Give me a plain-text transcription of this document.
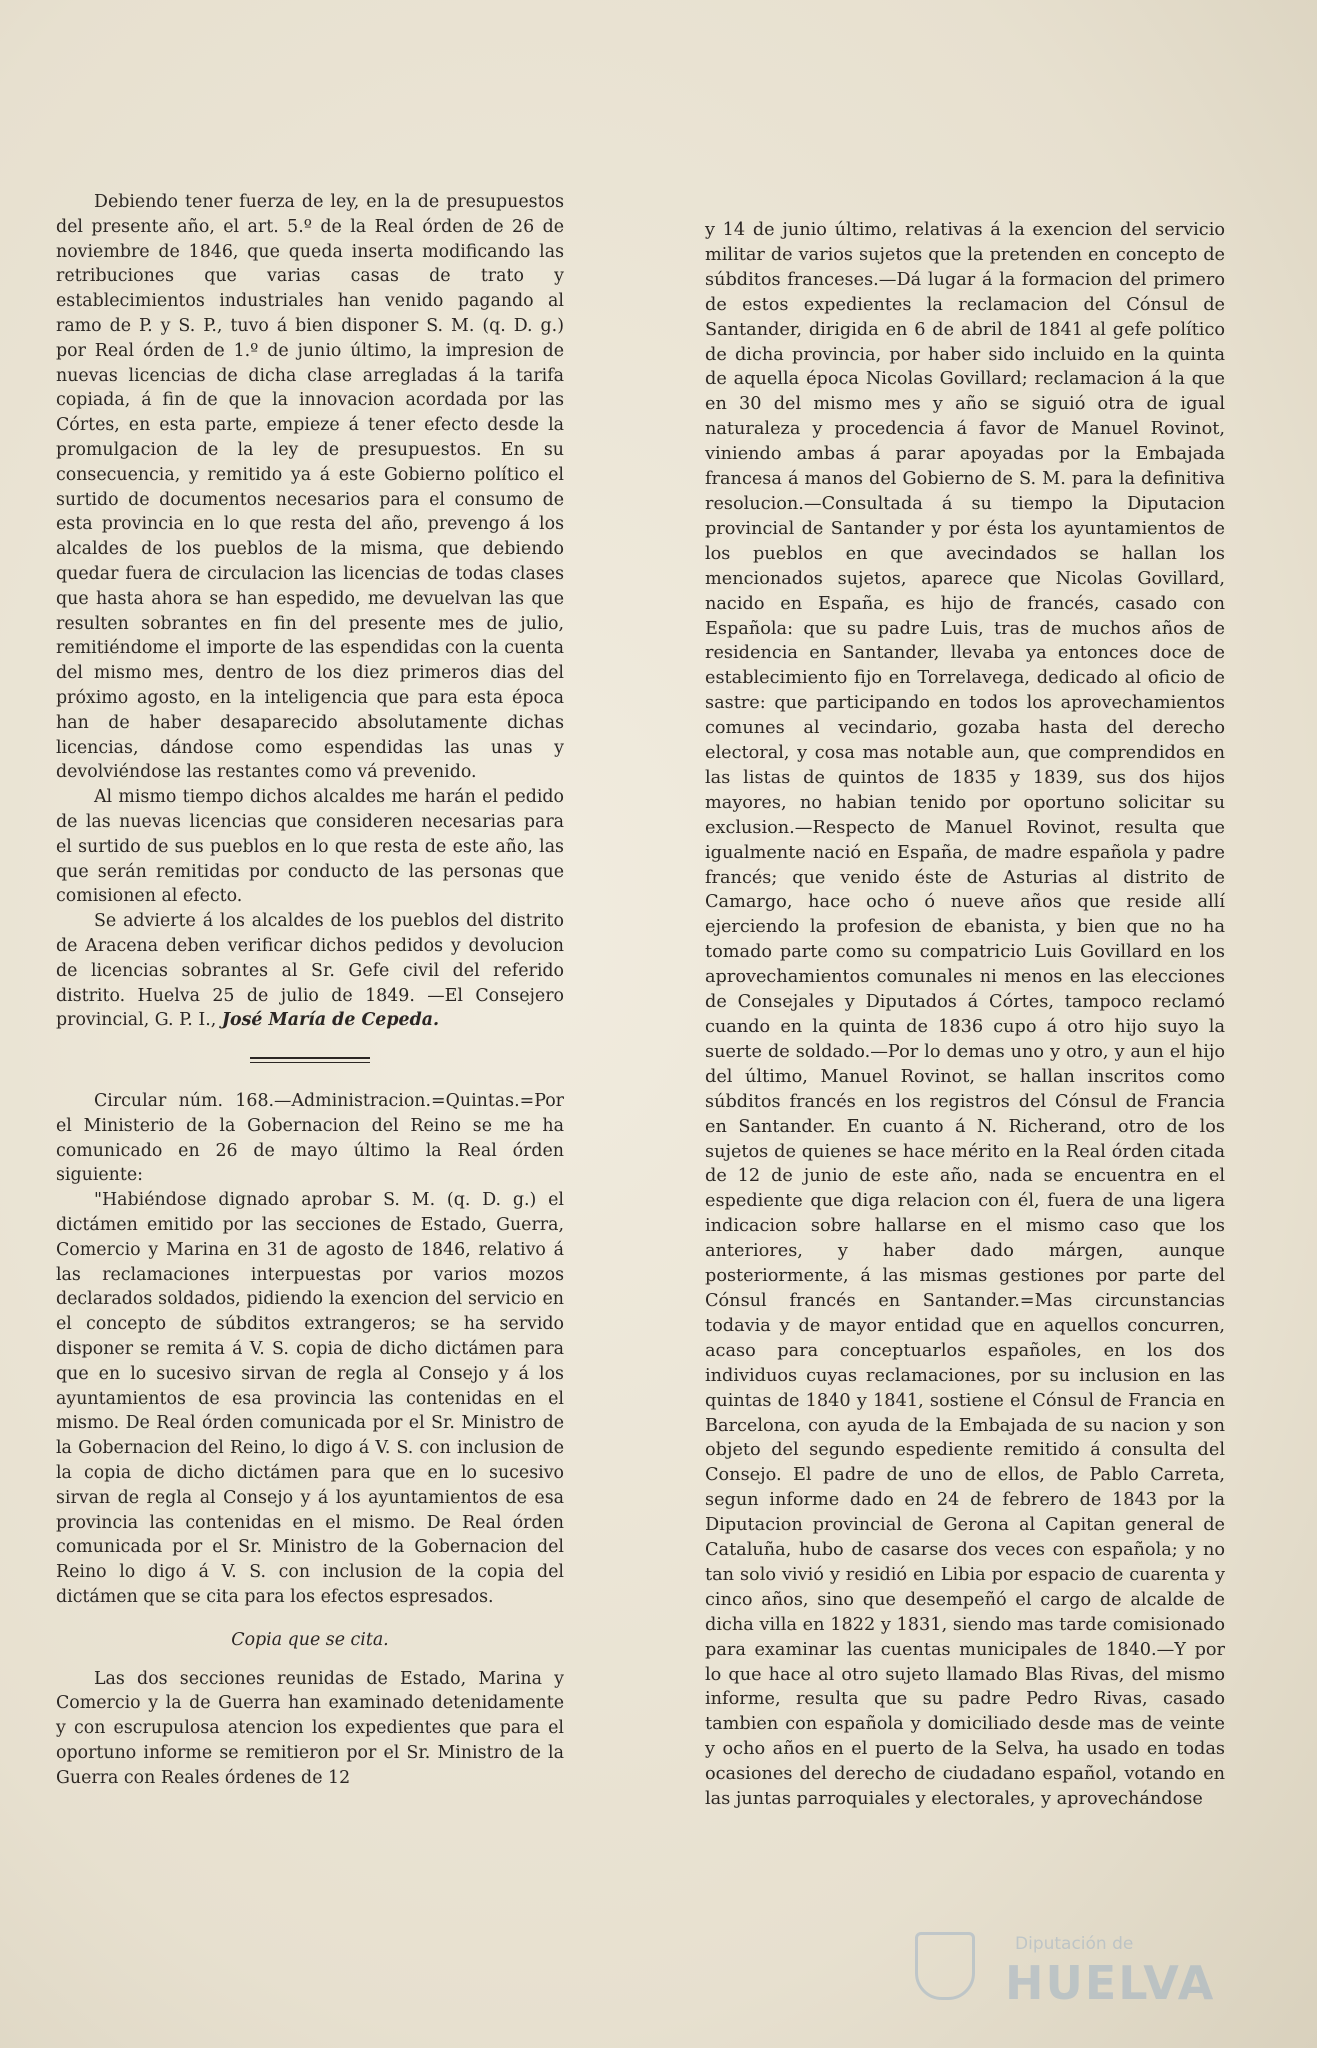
Debiendo tener fuerza de ley, en la de presupuestos del presente año, el art. 5.º de la Real órden de 26 de noviembre de 1846, que queda inserta modificando las retribuciones que varias casas de trato y establecimientos industriales han venido pagando al ramo de P. y S. P., tuvo á bien disponer S. M. (q. D. g.) por Real órden de 1.º de junio último, la impresion de nuevas licencias de dicha clase arregladas á la tarifa copiada, á fin de que la innovacion acordada por las Córtes, en esta parte, empieze á tener efecto desde la promulgacion de la ley de presupuestos. En su consecuencia, y remitido ya á este Gobierno político el surtido de documentos necesarios para el consumo de esta provincia en lo que resta del año, prevengo á los alcaldes de los pueblos de la misma, que debiendo quedar fuera de circulacion las licencias de todas clases que hasta ahora se han espedido, me devuelvan las que resulten sobrantes en fin del presente mes de julio, remitiéndome el importe de las espendidas con la cuenta del mismo mes, dentro de los diez primeros dias del próximo agosto, en la inteligencia que para esta época han de haber desaparecido absolutamente dichas licencias, dándose como espendidas las unas y devolviéndose las restantes como vá prevenido.

Al mismo tiempo dichos alcaldes me harán el pedido de las nuevas licencias que consideren necesarias para el surtido de sus pueblos en lo que resta de este año, las que serán remitidas por conducto de las personas que comisionen al efecto.

Se advierte á los alcaldes de los pueblos del distrito de Aracena deben verificar dichos pedidos y devolucion de licencias sobrantes al Sr. Gefe civil del referido distrito. Huelva 25 de julio de 1849. —El Consejero provincial, G. P. I., José María de Cepeda.

Circular núm. 168.—Administracion.=Quintas.=Por el Ministerio de la Gobernacion del Reino se me ha comunicado en 26 de mayo último la Real órden siguiente:

"Habiéndose dignado aprobar S. M. (q. D. g.) el dictámen emitido por las secciones de Estado, Guerra, Comercio y Marina en 31 de agosto de 1846, relativo á las reclamaciones interpuestas por varios mozos declarados soldados, pidiendo la exencion del servicio en el concepto de súbditos extrangeros; se ha servido disponer se remita á V. S. copia de dicho dictámen para que en lo sucesivo sirvan de regla al Consejo y á los ayuntamientos de esa provincia las contenidas en el mismo. De Real órden comunicada por el Sr. Ministro de la Gobernacion del Reino, lo digo á V. S. con inclusion de la copia de dicho dictámen para que en lo sucesivo sirvan de regla al Consejo y á los ayuntamientos de esa provincia las contenidas en el mismo. De Real órden comunicada por el Sr. Ministro de la Gobernacion del Reino lo digo á V. S. con inclusion de la copia del dictámen que se cita para los efectos espresados.

Copia que se cita.

Las dos secciones reunidas de Estado, Marina y Comercio y la de Guerra han examinado detenidamente y con escrupulosa atencion los expedientes que para el oportuno informe se remitieron por el Sr. Ministro de la Guerra con Reales órdenes de 12

y 14 de junio último, relativas á la exencion del servicio militar de varios sujetos que la pretenden en concepto de súbditos franceses.—Dá lugar á la formacion del primero de estos expedientes la reclamacion del Cónsul de Santander, dirigida en 6 de abril de 1841 al gefe político de dicha provincia, por haber sido incluido en la quinta de aquella época Nicolas Govillard; reclamacion á la que en 30 del mismo mes y año se siguió otra de igual naturaleza y procedencia á favor de Manuel Rovinot, viniendo ambas á parar apoyadas por la Embajada francesa á manos del Gobierno de S. M. para la definitiva resolucion.—Consultada á su tiempo la Diputacion provincial de Santander y por ésta los ayuntamientos de los pueblos en que avecindados se hallan los mencionados sujetos, aparece que Nicolas Govillard, nacido en España, es hijo de francés, casado con Española: que su padre Luis, tras de muchos años de residencia en Santander, llevaba ya entonces doce de establecimiento fijo en Torrelavega, dedicado al oficio de sastre: que participando en todos los aprovechamientos comunes al vecindario, gozaba hasta del derecho electoral, y cosa mas notable aun, que comprendidos en las listas de quintos de 1835 y 1839, sus dos hijos mayores, no habian tenido por oportuno solicitar su exclusion.—Respecto de Manuel Rovinot, resulta que igualmente nació en España, de madre española y padre francés; que venido éste de Asturias al distrito de Camargo, hace ocho ó nueve años que reside allí ejerciendo la profesion de ebanista, y bien que no ha tomado parte como su compatricio Luis Govillard en los aprovechamientos comunales ni menos en las elecciones de Consejales y Diputados á Córtes, tampoco reclamó cuando en la quinta de 1836 cupo á otro hijo suyo la suerte de soldado.—Por lo demas uno y otro, y aun el hijo del último, Manuel Rovinot, se hallan inscritos como súbditos francés en los registros del Cónsul de Francia en Santander. En cuanto á N. Richerand, otro de los sujetos de quienes se hace mérito en la Real órden citada de 12 de junio de este año, nada se encuentra en el espediente que diga relacion con él, fuera de una ligera indicacion sobre hallarse en el mismo caso que los anteriores, y haber dado márgen, aunque posteriormente, á las mismas gestiones por parte del Cónsul francés en Santander.=Mas circunstancias todavia y de mayor entidad que en aquellos concurren, acaso para conceptuarlos españoles, en los dos individuos cuyas reclamaciones, por su inclusion en las quintas de 1840 y 1841, sostiene el Cónsul de Francia en Barcelona, con ayuda de la Embajada de su nacion y son objeto del segundo espediente remitido á consulta del Consejo. El padre de uno de ellos, de Pablo Carreta, segun informe dado en 24 de febrero de 1843 por la Diputacion provincial de Gerona al Capitan general de Cataluña, hubo de casarse dos veces con española; y no tan solo vivió y residió en Libia por espacio de cuarenta y cinco años, sino que desempeñó el cargo de alcalde de dicha villa en 1822 y 1831, siendo mas tarde comisionado para examinar las cuentas municipales de 1840.—Y por lo que hace al otro sujeto llamado Blas Rivas, del mismo informe, resulta que su padre Pedro Rivas, casado tambien con española y domiciliado desde mas de veinte y ocho años en el puerto de la Selva, ha usado en todas ocasiones del derecho de ciudadano español, votando en las juntas parroquiales y electorales, y aprovechándose

Diputación de
HUELVA
